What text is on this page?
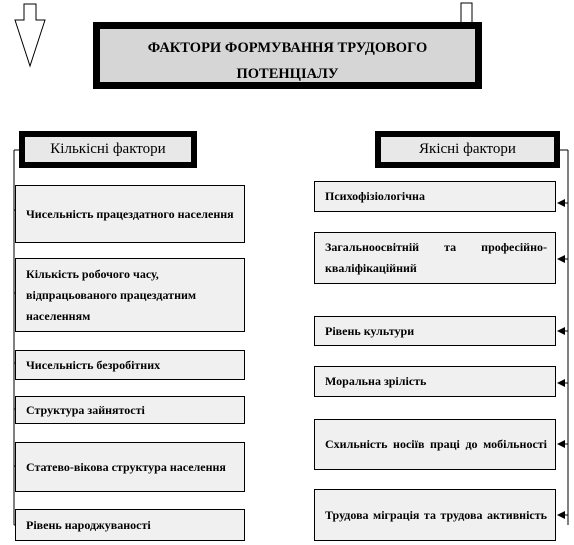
ФАКТОРИ ФОРМУВАННЯ ТРУДОВОГО
ПОТЕНЦІАЛУ
Кількісні фактори	Якісні фактори
Чисельність працездатного населення
Кількість робочого часу, відпрацьованого працездатним населенням
Чисельність безробітних
Структура зайнятості
Статево-вікова структура населення
Рівень народжуваності
Психофізіологічна
Загальноосвітній та професійно-кваліфікаційний
Рівень культури
Моральна зрілість
Схильність носіїв праці до мобільності
Трудова міграція та трудова активність
